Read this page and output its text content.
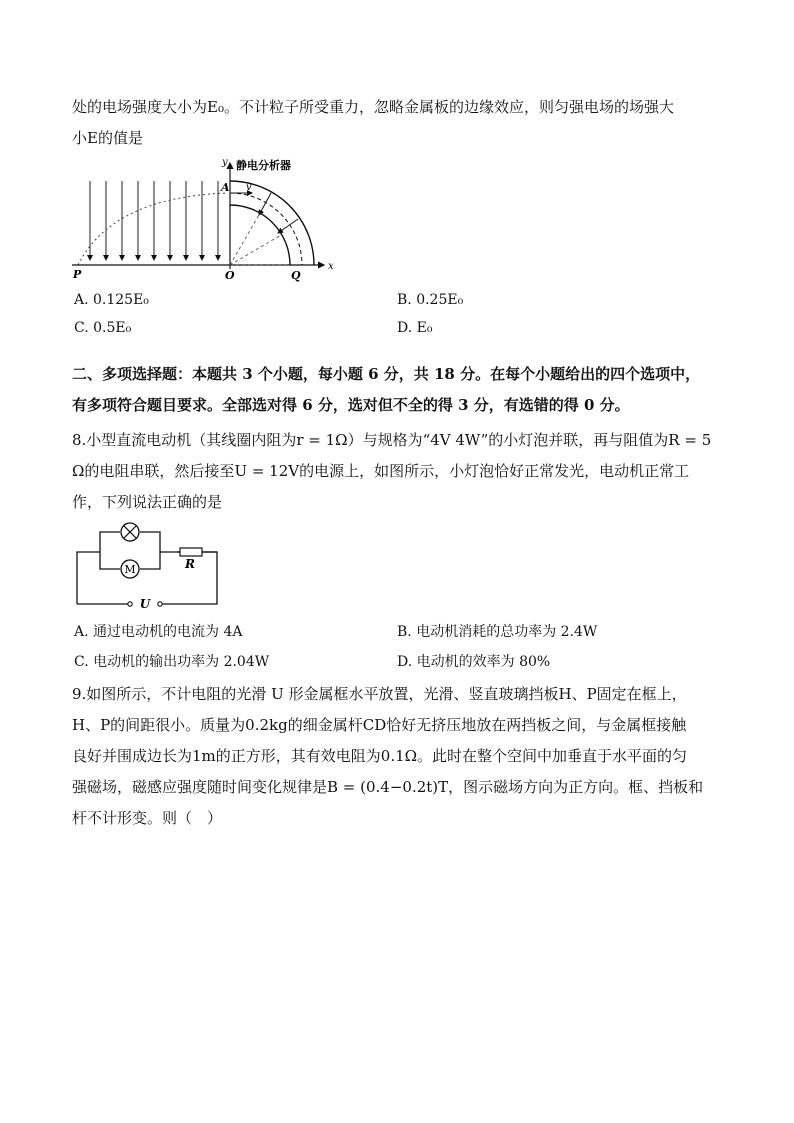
处的电场强度大小为E₀。不计粒子所受重力，忽略金属板的边缘效应，则匀强电场的场强大
小E的值是
静电分析器
y
x
A
P	O	Q
v
A. 0.125E₀	B. 0.25E₀
C. 0.5E₀	D. E₀
二、多项选择题：本题共 3 个小题，每小题 6 分，共 18 分。在每个小题给出的四个选项中，
有多项符合题目要求。全部选对得 6 分，选对但不全的得 3 分，有选错的得 0 分。
8.小型直流电动机（其线圈内阻为r = 1Ω）与规格为“4V 4W”的小灯泡并联，再与阻值为R = 5
Ω的电阻串联，然后接至U = 12V的电源上，如图所示，小灯泡恰好正常发光，电动机正常工
作，下列说法正确的是
M	R
U
A. 通过电动机的电流为 4A	B. 电动机消耗的总功率为 2.4W
C. 电动机的输出功率为 2.04W	D. 电动机的效率为 80%
9.如图所示，不计电阻的光滑 U 形金属框水平放置，光滑、竖直玻璃挡板H、P固定在框上，
H、P的间距很小。质量为0.2kg的细金属杆CD恰好无挤压地放在两挡板之间，与金属框接触
良好并围成边长为1m的正方形，其有效电阻为0.1Ω。此时在整个空间中加垂直于水平面的匀
强磁场，磁感应强度随时间变化规律是B = (0.4−0.2t)T，图示磁场方向为正方向。框、挡板和
杆不计形变。则（　）
